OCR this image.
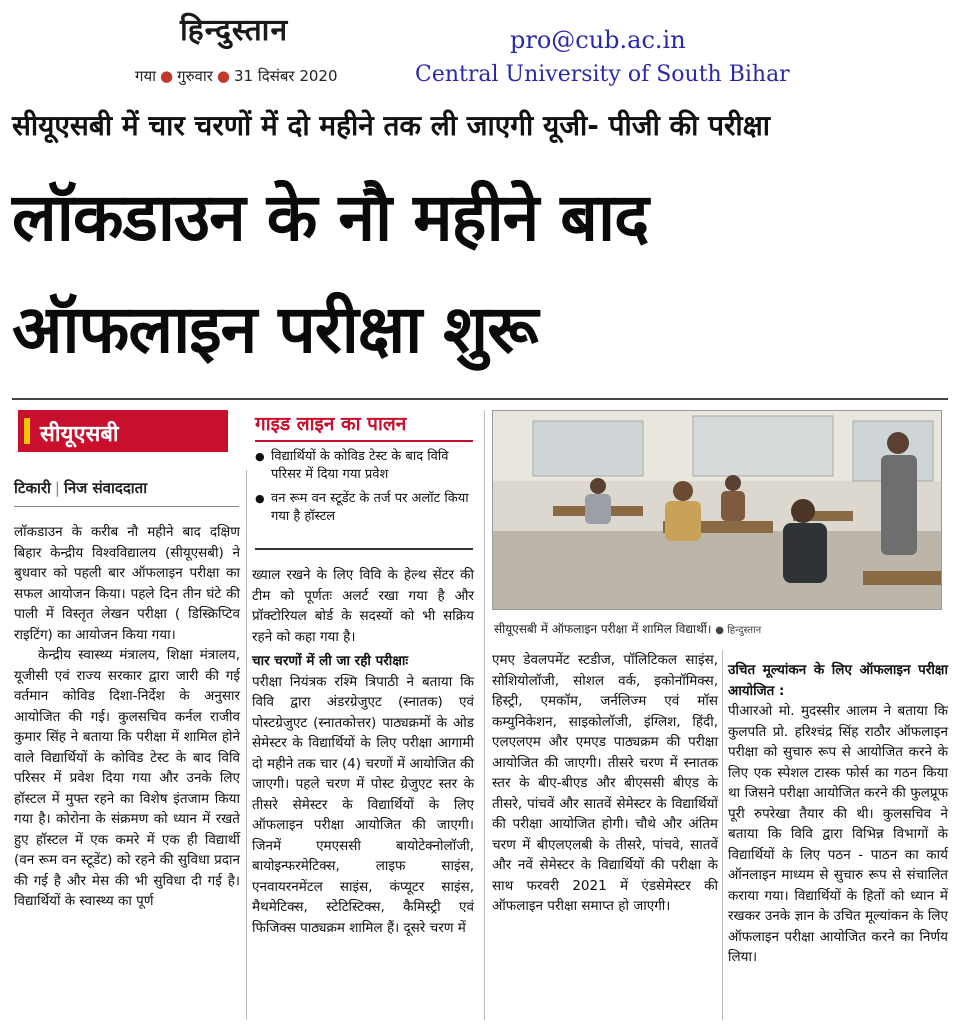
हिन्दुस्तान
गया ● गुरुवार ● 31 दिसंबर 2020
pro@cub.ac.in
Central University of South Bihar
सीयूएसबी में चार चरणों में दो महीने तक ली जाएगी यूजी- पीजी की परीक्षा
लॉकडाउन के नौ महीने बाद
ऑफलाइन परीक्षा शुरू
सीयूएसबी
टिकारी | निज संवाददाता

लॉकडाउन के करीब नौ महीने बाद दक्षिण बिहार केन्द्रीय विश्वविद्यालय (सीयूएसबी) ने बुधवार को पहली बार ऑफलाइन परीक्षा का सफल आयोजन किया। पहले दिन तीन घंटे की पाली में विस्तृत लेखन परीक्षा ( डिस्क्रिप्टिव राइटिंग) का आयोजन किया गया।

केन्द्रीय स्वास्थ्य मंत्रालय, शिक्षा मंत्रालय, यूजीसी एवं राज्य सरकार द्वारा जारी की गई वर्तमान कोविड दिशा-निर्देश के अनुसार आयोजित की गई। कुलसचिव कर्नल राजीव कुमार सिंह ने बताया कि परीक्षा में शामिल होने वाले विद्यार्थियों के कोविड टेस्ट के बाद विवि परिसर में प्रवेश दिया गया और उनके लिए हॉस्टल में मुफ्त रहने का विशेष इंतजाम किया गया है। कोरोना के संक्रमण को ध्यान में रखते हुए हॉस्टल में एक कमरे में एक ही विद्यार्थी (वन रूम वन स्टूडेंट) को रहने की सुविधा प्रदान की गई है और मेस की भी सुविधा दी गई है। विद्यार्थियों के स्वास्थ्य का पूर्ण

गाइड लाइन का पालन
● विद्यार्थियों के कोविड टेस्ट के बाद विवि परिसर में दिया गया प्रवेश
● वन रूम वन स्टूडेंट के तर्ज पर अलॉट किया गया है हॉस्टल

ख्याल रखने के लिए विवि के हेल्थ सेंटर की टीम को पूर्णतः अलर्ट रखा गया है और प्रॉक्टोरियल बोर्ड के सदस्यों को भी सक्रिय रहने को कहा गया है।

चार चरणों में ली जा रही परीक्षाः

परीक्षा नियंत्रक रश्मि त्रिपाठी ने बताया कि विवि द्वारा अंडरग्रेजुएट (स्नातक) एवं पोस्टग्रेजुएट (स्नातकोत्तर) पाठ्यक्रमों के ओड सेमेस्टर के विद्यार्थियों के लिए परीक्षा आगामी दो महीने तक चार (4) चरणों में आयोजित की जाएगी। पहले चरण में पोस्ट ग्रेजुएट स्तर के तीसरे सेमेस्टर के विद्यार्थियों के लिए ऑफलाइन परीक्षा आयोजित की जाएगी। जिनमें एमएससी बायोटेक्नोलॉजी, बायोइन्फरमेटिक्स, लाइफ साइंस, एनवायरनमेंटल साइंस, कंप्यूटर साइंस, मैथमेटिक्स, स्टेटिस्टिक्स, कैमिस्ट्री एवं फिजिक्स पाठ्यक्रम शामिल हैं। दूसरे चरण में

सीयूएसबी में ऑफलाइन परीक्षा में शामिल विद्यार्थी। ● हिन्दुस्तान

एमए डेवलपमेंट स्टडीज, पॉलिटिकल साइंस, सोशियोलॉजी, सोशल वर्क, इकोनॉमिक्स, हिस्ट्री, एमकॉम, जर्नलिज्म एवं मॉस कम्युनिकेशन, साइकोलॉजी, इंग्लिश, हिंदी, एलएलएम और एमएड पाठ्यक्रम की परीक्षा आयोजित की जाएगी। तीसरे चरण में स्नातक स्तर के बीए-बीएड और बीएससी बीएड के तीसरे, पांचवें और सातवें सेमेस्टर के विद्यार्थियों की परीक्षा आयोजित होगी। चौथे और अंतिम चरण में बीएलएलबी के तीसरे, पांचवे, सातवें और नवें सेमेस्टर के विद्यार्थियों की परीक्षा के साथ फरवरी 2021 में एंडसेमेस्टर की ऑफलाइन परीक्षा समाप्त हो जाएगी।

उचित मूल्यांकन के लिए ऑफलाइन परीक्षा आयोजित :

पीआरओ मो. मुदस्सीर आलम ने बताया कि कुलपति प्रो. हरिश्चंद्र सिंह राठौर ऑफलाइन परीक्षा को सुचारु रूप से आयोजित करने के लिए एक स्पेशल टास्क फोर्स का गठन किया था जिसने परीक्षा आयोजित करने की फुलप्रूफ पूरी रुपरेखा तैयार की थी। कुलसचिव ने बताया कि विवि द्वारा विभिन्न विभागों के विद्यार्थियों के लिए पठन - पाठन का कार्य ऑनलाइन माध्यम से सुचारु रूप से संचालित कराया गया। विद्यार्थियों के हितों को ध्यान में रखकर उनके ज्ञान के उचित मूल्यांकन के लिए ऑफलाइन परीक्षा आयोजित करने का निर्णय लिया।
